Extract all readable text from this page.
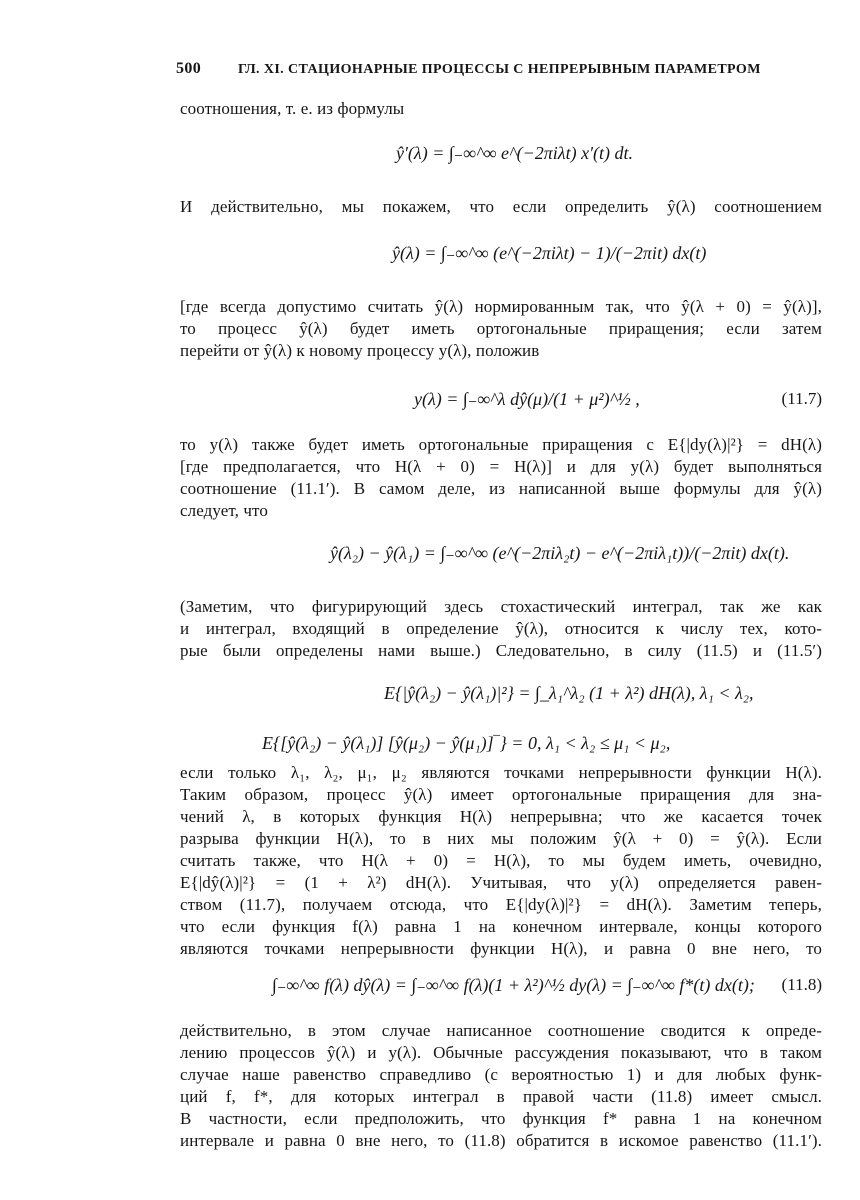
500	ГЛ. XI. СТАЦИОНАРНЫЕ ПРОЦЕССЫ С НЕПРЕРЫВНЫМ ПАРАМЕТРОМ
соотношения, т. е. из формулы
ŷ′(λ) = ∫₋∞^∞ e^(−2πiλt) x′(t) dt.
И действительно, мы покажем, что если определить ŷ(λ) соотношением
ŷ(λ) = ∫₋∞^∞ (e^(−2πiλt) − 1)/(−2πit) dx(t)
[где всегда допустимо считать ŷ(λ) нормированным так, что ŷ(λ + 0) = ŷ(λ)],
то процесс ŷ(λ) будет иметь ортогональные приращения; если затем
перейти от ŷ(λ) к новому процессу y(λ), положив
y(λ) = ∫₋∞^λ dŷ(μ)/(1 + μ²)^½ ,	(11.7)
то y(λ) также будет иметь ортогональные приращения с E{|dy(λ)|²} = dH(λ)
[где предполагается, что H(λ + 0) = H(λ)] и для y(λ) будет выполняться
соотношение (11.1′). В самом деле, из написанной выше формулы для ŷ(λ)
следует, что
ŷ(λ₂) − ŷ(λ₁) = ∫₋∞^∞ (e^(−2πiλ₂t) − e^(−2πiλ₁t))/(−2πit) dx(t).
(Заметим, что фигурирующий здесь стохастический интеграл, так же как
и интеграл, входящий в определение ŷ(λ), относится к числу тех, кото-
рые были определены нами выше.) Следовательно, в силу (11.5) и (11.5′)
E{|ŷ(λ₂) − ŷ(λ₁)|²} = ∫_λ₁^λ₂ (1 + λ²) dH(λ), λ₁ < λ₂,
E{[ŷ(λ₂) − ŷ(λ₁)] [ŷ(μ₂) − ŷ(μ₁)]‾} = 0, λ₁ < λ₂ ≤ μ₁ < μ₂,
если только λ₁, λ₂, μ₁, μ₂ являются точками непрерывности функции H(λ).
Таким образом, процесс ŷ(λ) имеет ортогональные приращения для зна-
чений λ, в которых функция H(λ) непрерывна; что же касается точек
разрыва функции H(λ), то в них мы положим ŷ(λ + 0) = ŷ(λ). Если
считать также, что H(λ + 0) = H(λ), то мы будем иметь, очевидно,
E{|dŷ(λ)|²} = (1 + λ²) dH(λ). Учитывая, что y(λ) определяется равен-
ством (11.7), получаем отсюда, что E{|dy(λ)|²} = dH(λ). Заметим теперь,
что если функция f(λ) равна 1 на конечном интервале, концы которого
являются точками непрерывности функции H(λ), и равна 0 вне него, то
∫₋∞^∞ f(λ) dŷ(λ) = ∫₋∞^∞ f(λ)(1 + λ²)^½ dy(λ) = ∫₋∞^∞ f*(t) dx(t); (11.8)
действительно, в этом случае написанное соотношение сводится к опреде-
лению процессов ŷ(λ) и y(λ). Обычные рассуждения показывают, что в таком
случае наше равенство справедливо (с вероятностью 1) и для любых функ-
ций f, f*, для которых интеграл в правой части (11.8) имеет смысл.
В частности, если предположить, что функция f* равна 1 на конечном
интервале и равна 0 вне него, то (11.8) обратится в искомое равенство (11.1′).
